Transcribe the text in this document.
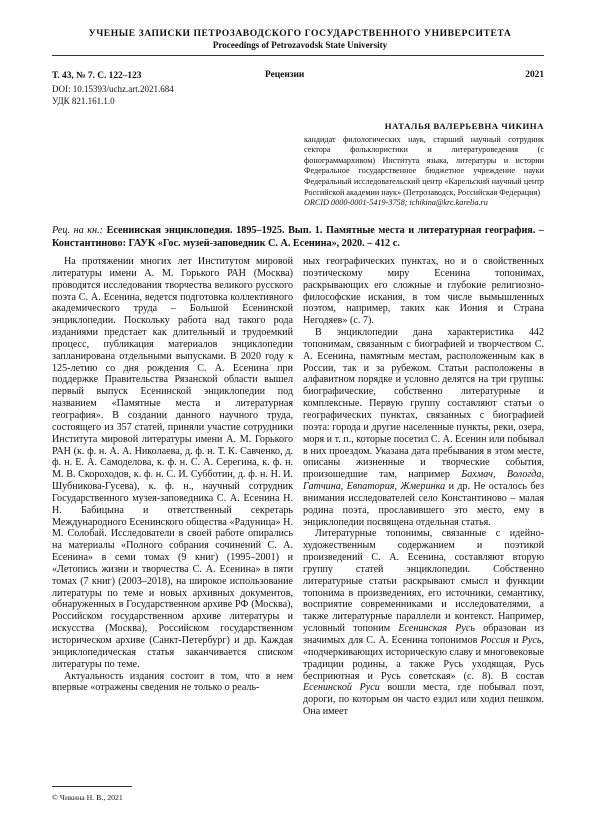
УЧЕНЫЕ ЗАПИСКИ ПЕТРОЗАВОДСКОГО ГОСУДАРСТВЕННОГО УНИВЕРСИТЕТА
Proceedings of Petrozavodsk State University
Т. 43, № 7. С. 122–123
DOI: 10.15393/uchz.art.2021.684
УДК 821.161.1.0
Рецензии	2021
НАТАЛЬЯ ВАЛЕРЬЕВНА ЧИКИНА
кандидат филологических наук, старший научный сотрудник сектора фольклористики и литературоведения (с фонограммархивом) Института языка, литературы и истории Федеральное государственное бюджетное учреждение науки Федеральный исследовательский центр «Карельский научный центр Российской академии наук» (Петрозаводск, Российская Федерация)
ORCID 0000-0001-5419-3758; tchikina@krc.karelia.ru
Рец. на кн.: Есенинская энциклопедия. 1895–1925. Вып. 1. Памятные места и литературная география. – Константиново: ГАУК «Гос. музей-заповедник С. А. Есенина», 2020. – 412 с.

На протяжении многих лет Институтом мировой литературы имени А. М. Горького РАН (Москва) проводятся исследования творчества великого русского поэта С. А. Есенина, ведется подготовка коллективного академического труда – Большой Есенинской энциклопедии. Поскольку работа над такого рода изданиями предстает как длительный и трудоемкий процесс, публикация материалов энциклопедии запланирована отдельными выпусками. В 2020 году к 125-летию со дня рождения С. А. Есенина при поддержке Правительства Рязанской области вышел первый выпуск Есенинской энциклопедии под названием «Памятные места и литературная география». В создании данного научного труда, состоящего из 357 статей, приняли участие сотрудники Института мировой литературы имени А. М. Горького РАН (к. ф. н. А. А. Николаева, д. ф. н. Т. К. Савченко, д. ф. н. Е. А. Самоделова, к. ф. н. С. А. Серегина, к. ф. н. М. В. Скороходов, к. ф. н. С. И. Субботин, д. ф. н. Н. И. Шубникова-Гусева), к. ф. н., научный сотрудник Государственного музея-заповедника С. А. Есенина Н. Н. Бабицына и ответственный секретарь Международного Есенинского общества «Радуница» Н. М. Солобай. Исследователи в своей работе опирались на материалы «Полного собрания сочинений С. А. Есенина» в семи томах (9 книг) (1995–2001) и «Летопись жизни и творчества С. А. Есенина» в пяти томах (7 книг) (2003–2018), на широкое использование литературы по теме и новых архивных документов, обнаруженных в Государственном архиве РФ (Москва), Российском государственном архиве литературы и искусства (Москва), Российском государственном историческом архиве (Санкт-Петербург) и др. Каждая энциклопедическая статья заканчивается списком литературы по теме.

Актуальность издания состоит в том, что в нем впервые «отражены сведения не только о реаль-

ных географических пунктах, но и о свойственных поэтическому миру Есенина топонимах, раскрывающих его сложные и глубокие религиозно-философские искания, в том числе вымышленных поэтом, например, таких как Иония и Страна Негодяев» (с. 7).

В энциклопедии дана характеристика 442 топонимам, связанным с биографией и творчеством С. А. Есенина, памятным местам, расположенным как в России, так и за рубежом. Статьи расположены в алфавитном порядке и условно делятся на три группы: биографические, собственно литературные и комплексные. Первую группу составляют статьи о географических пунктах, связанных с биографией поэта: города и другие населенные пункты, реки, озера, моря и т. п., которые посетил С. А. Есенин или побывал в них проездом. Указана дата пребывания в этом месте, описаны жизненные и творческие события, произошедшие там, например Бахмач, Вологда, Гатчина, Евпатория, Жмеринка и др. Не осталось без внимания исследователей село Константиново – малая родина поэта, прославившего это место, ему в энциклопедии посвящена отдельная статья.

Литературные топонимы, связанные с идейно-художественным содержанием и поэтикой произведений С. А. Есенина, составляют вторую группу статей энциклопедии. Собственно литературные статьи раскрывают смысл и функции топонима в произведениях, его источники, семантику, восприятие современниками и исследователями, а также литературные параллели и контекст. Например, условный топоним Есенинская Русь образован из значимых для С. А. Есенина топонимов Россия и Русь, «подчеркивающих историческую славу и многовековые традиции родины, а также Русь уходящая, Русь бесприютная и Русь советская» (с. 8). В состав Есенинской Руси вошли места, где побывал поэт, дороги, по которым он часто ездил или ходил пешком. Она имеет

© Чикина Н. В., 2021
